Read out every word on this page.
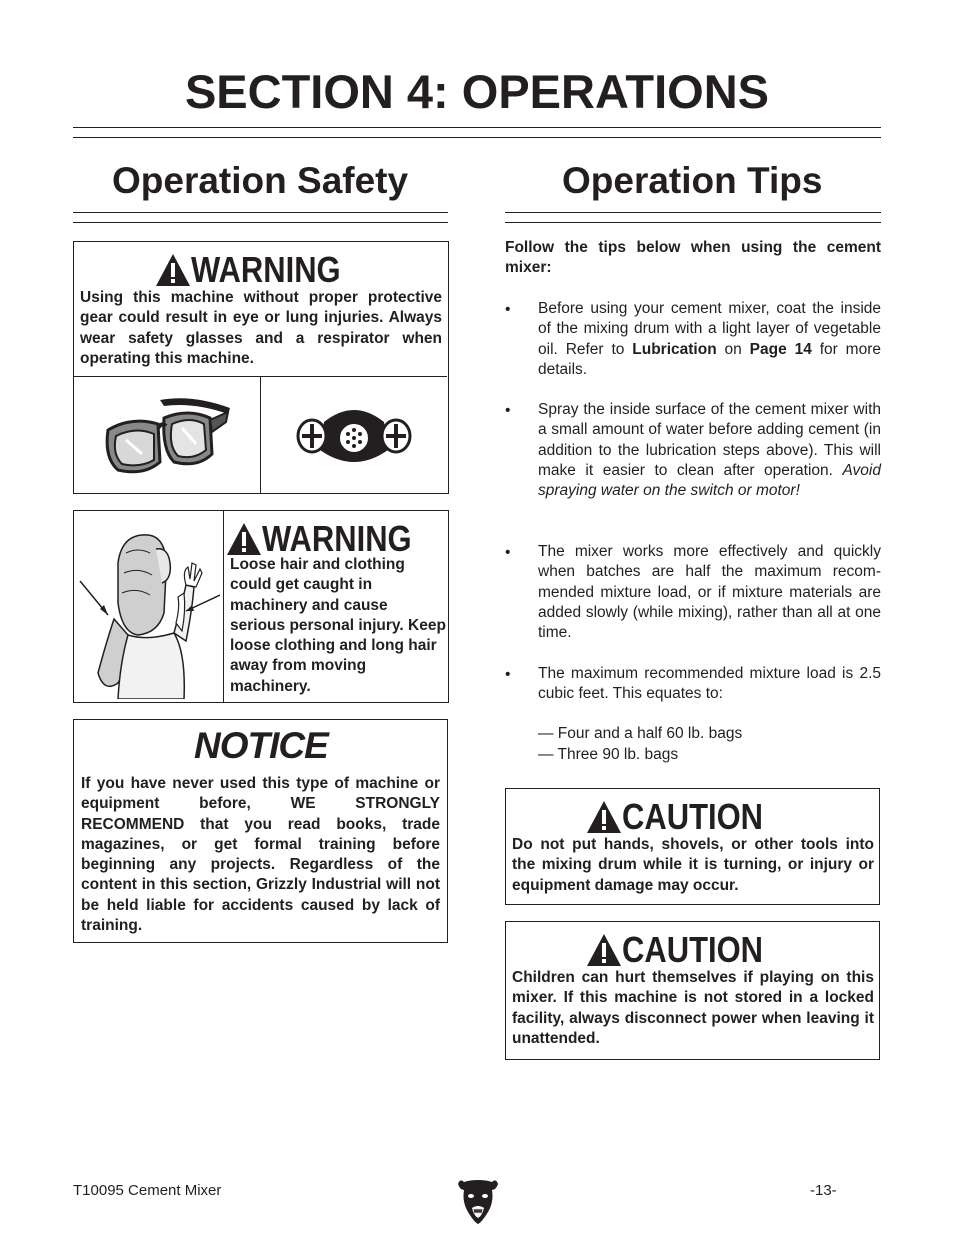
SECTION 4: OPERATIONS
Operation Safety
WARNING
Using this machine without proper protective gear could result in eye or lung injuries. Always wear safety glasses and a respirator when operating this machine.
WARNING
Loose hair and clothing could get caught in machinery and cause serious personal injury. Keep loose clothing and long hair away from moving machinery.
NOTICE
If you have never used this type of machine or equipment before, WE STRONGLY RECOMMEND that you read books, trade magazines, or get formal training before beginning any projects. Regardless of the content in this section, Grizzly Industrial will not be held liable for accidents caused by lack of training.
Operation Tips
Follow the tips below when using the cement mixer:
• Before using your cement mixer, coat the inside of the mixing drum with a light layer of vegetable oil. Refer to Lubrication on Page 14 for more details.
• Spray the inside surface of the cement mixer with a small amount of water before adding cement (in addition to the lubrication steps above). This will make it easier to clean after operation. Avoid spraying water on the switch or motor!
• The mixer works more effectively and quickly when batches are half the maximum recom-mended mixture load, or if mixture materials are added slowly (while mixing), rather than all at one time.
• The maximum recommended mixture load is 2.5 cubic feet. This equates to:
— Four and a half 60 lb. bags
— Three 90 lb. bags
CAUTION
Do not put hands, shovels, or other tools into the mixing drum while it is turning, or injury or equipment damage may occur.
CAUTION
Children can hurt themselves if playing on this mixer. If this machine is not stored in a locked facility, always disconnect power when leaving it unattended.
T10095 Cement Mixer	-13-
